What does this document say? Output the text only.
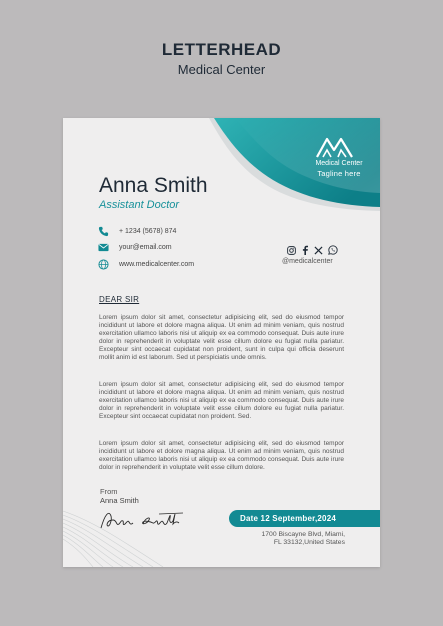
LETTERHEAD
Medical Center
Medical Center
Tagline here
Anna Smith
Assistant Doctor
+ 1234 (5678) 874
your@email.com
www.medicalcenter.com	@medicalcenter
DEAR SIR
Lorem ipsum dolor sit amet, consectetur adipisicing elit, sed do eiusmod tempor incididunt ut labore et dolore magna aliqua. Ut enim ad minim veniam, quis nostrud exercitation ullamco laboris nisi ut aliquip ex ea commodo consequat. Duis aute irure dolor in reprehenderit in voluptate velit esse cillum dolore eu fugiat nulla pariatur. Excepteur sint occaecat cupidatat non proident, sunt in culpa qui officia deserunt mollit anim id est laborum. Sed ut perspiciatis unde omnis.
Lorem ipsum dolor sit amet, consectetur adipisicing elit, sed do eiusmod tempor incididunt ut labore et dolore magna aliqua. Ut enim ad minim veniam, quis nostrud exercitation ullamco laboris nisi ut aliquip ex ea commodo consequat. Duis aute irure dolor in reprehenderit in voluptate velit esse cillum dolore eu fugiat nulla pariatur. Excepteur sint occaecat cupidatat non proident. Sed.
Lorem ipsum dolor sit amet, consectetur adipisicing elit, sed do eiusmod tempor incididunt ut labore et dolore magna aliqua. Ut enim ad minim veniam, quis nostrud exercitation ullamco laboris nisi ut aliquip ex ea commodo consequat. Duis aute irure dolor in reprehenderit in voluptate velit esse cillum dolore.
From
Anna Smith
Date 12 September,2024
1700 Biscayne Blvd, Miami,
FL 33132,United States
